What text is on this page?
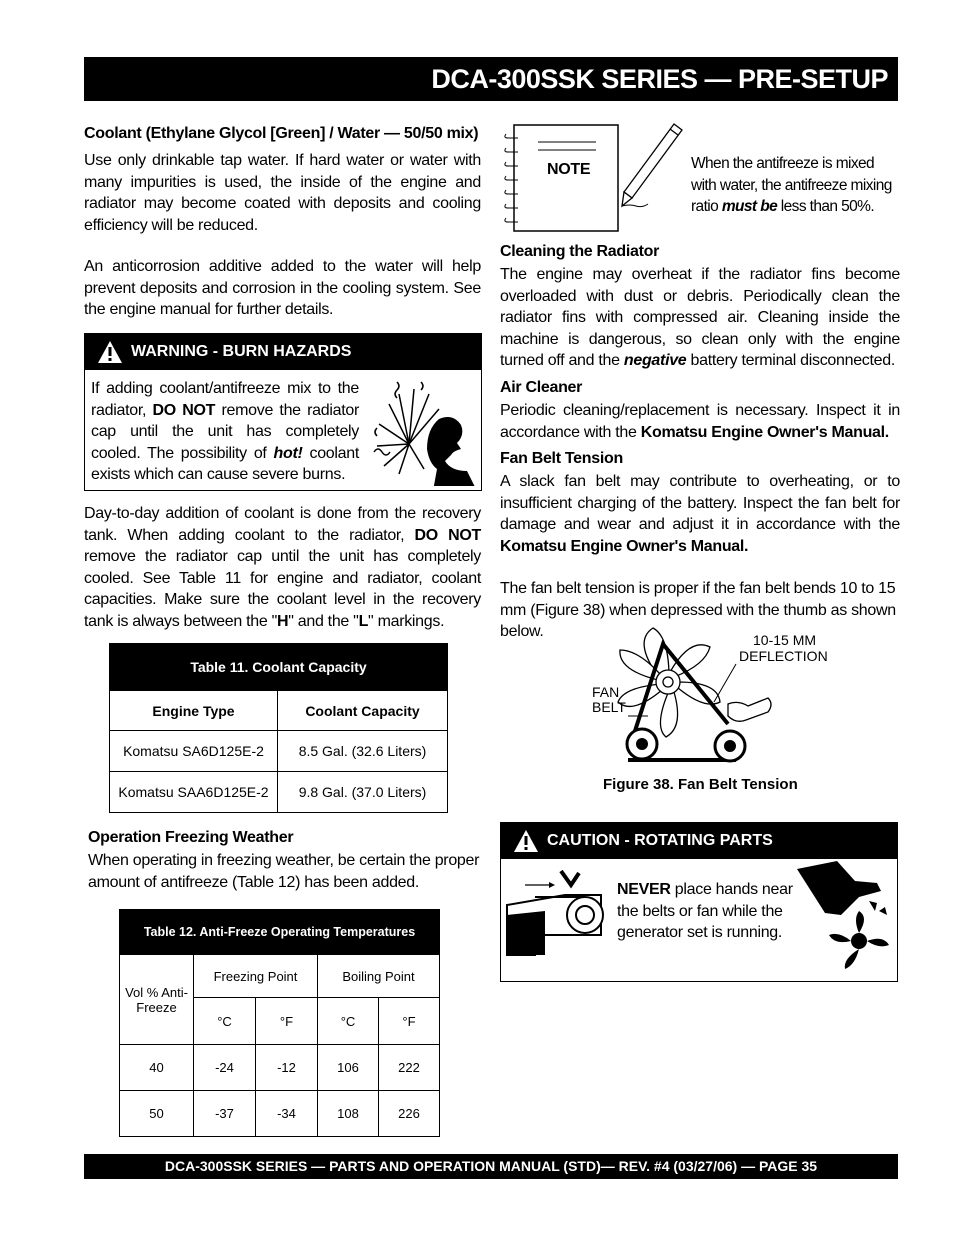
DCA-300SSK SERIES — PRE-SETUP
Coolant (Ethylane Glycol [Green] / Water — 50/50 mix)
Use only drinkable tap water. If hard water or water with many impurities is used, the inside of the engine and radiator may become coated with deposits and cooling efficiency will be reduced.
An anticorrosion additive added to the water will help prevent deposits and corrosion in the cooling system. See the engine manual for further details.
WARNING - BURN HAZARDS
If adding coolant/antifreeze mix to the radiator, DO NOT remove the radiator cap until the unit has completely cooled. The possibility of hot! coolant exists which can cause severe burns.
Day-to-day addition of coolant is done from the recovery tank. When adding coolant to the radiator, DO NOT remove the radiator cap until the unit has completely cooled. See Table 11 for engine and radiator, coolant capacities. Make sure the coolant level in the recovery tank is always between the "H" and the "L" markings.
Table 11. Coolant Capacity	
Engine Type	Coolant Capacity
Komatsu SA6D125E-2	8.5 Gal. (32.6 Liters)
Komatsu SAA6D125E-2	9.8 Gal. (37.0 Liters)
Operation Freezing Weather
When operating in freezing weather, be certain the proper amount of antifreeze (Table 12) has been added.
Table 12. Anti-Freeze Operating Temperatures				
Vol % Anti-Freeze	Freezing Point		Boiling Point	
	°C	°F	°C	°F
40	-24	-12	106	222
50	-37	-34	108	226
NOTE	When the antifreeze is mixed with water, the antifreeze mixing ratio must be less than 50%.
Cleaning the Radiator
The engine may overheat if the radiator fins become overloaded with dust or debris. Periodically clean the radiator fins with compressed air. Cleaning inside the machine is dangerous, so clean only with the engine turned off and the negative battery terminal disconnected.
Air Cleaner
Periodic cleaning/replacement is necessary. Inspect it in accordance with the Komatsu Engine Owner's Manual.
Fan Belt Tension
A slack fan belt may contribute to overheating, or to insufficient charging of the battery. Inspect the fan belt for damage and wear and adjust it in accordance with the Komatsu Engine Owner's Manual.
The fan belt tension is proper if the fan belt bends 10 to 15 mm (Figure 38) when depressed with the thumb as shown below.	10-15 MM
DEFLECTION
FAN
BELT
Figure 38. Fan Belt Tension
CAUTION - ROTATING PARTS
NEVER place hands near the belts or fan while the generator set is running.
DCA-300SSK SERIES — PARTS AND OPERATION MANUAL (STD)— REV. #4 (03/27/06) — PAGE 35
